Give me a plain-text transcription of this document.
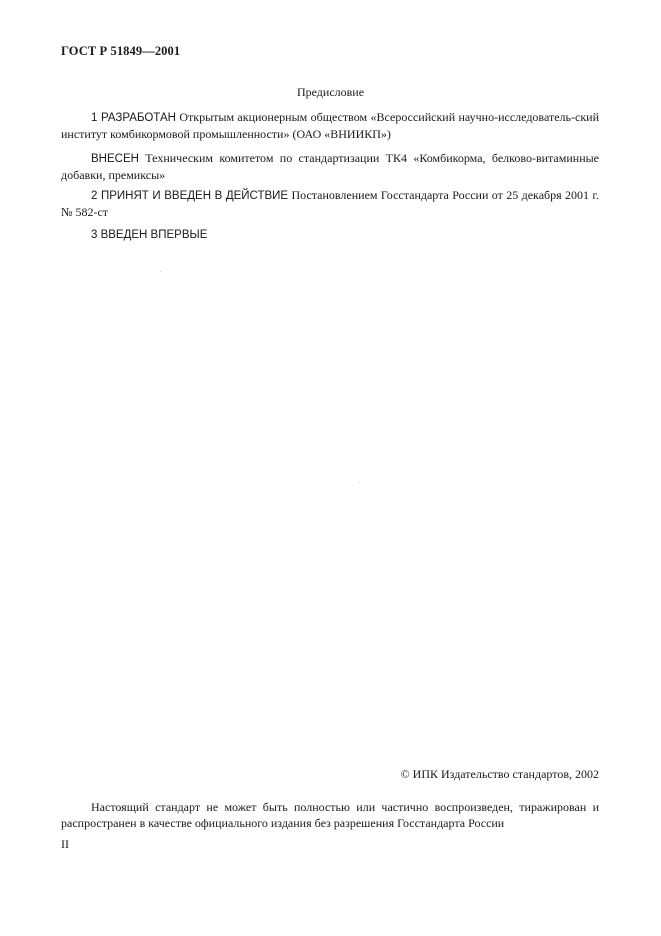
ГОСТ Р 51849—2001
Предисловие
1 РАЗРАБОТАН Открытым акционерным обществом «Всероссийский научно-исследователь-ский институт комбикормовой промышленности» (ОАО «ВНИИКП»)
ВНЕСЕН Техническим комитетом по стандартизации ТК4 «Комбикорма, белково-витаминные добавки, премиксы»
2 ПРИНЯТ И ВВЕДЕН В ДЕЙСТВИЕ Постановлением Госстандарта России от 25 декабря 2001 г. № 582-ст
3 ВВЕДЕН ВПЕРВЫЕ
© ИПК Издательство стандартов, 2002
Настоящий стандарт не может быть полностью или частично воспроизведен, тиражирован и распространен в качестве официального издания без разрешения Госстандарта России
II
